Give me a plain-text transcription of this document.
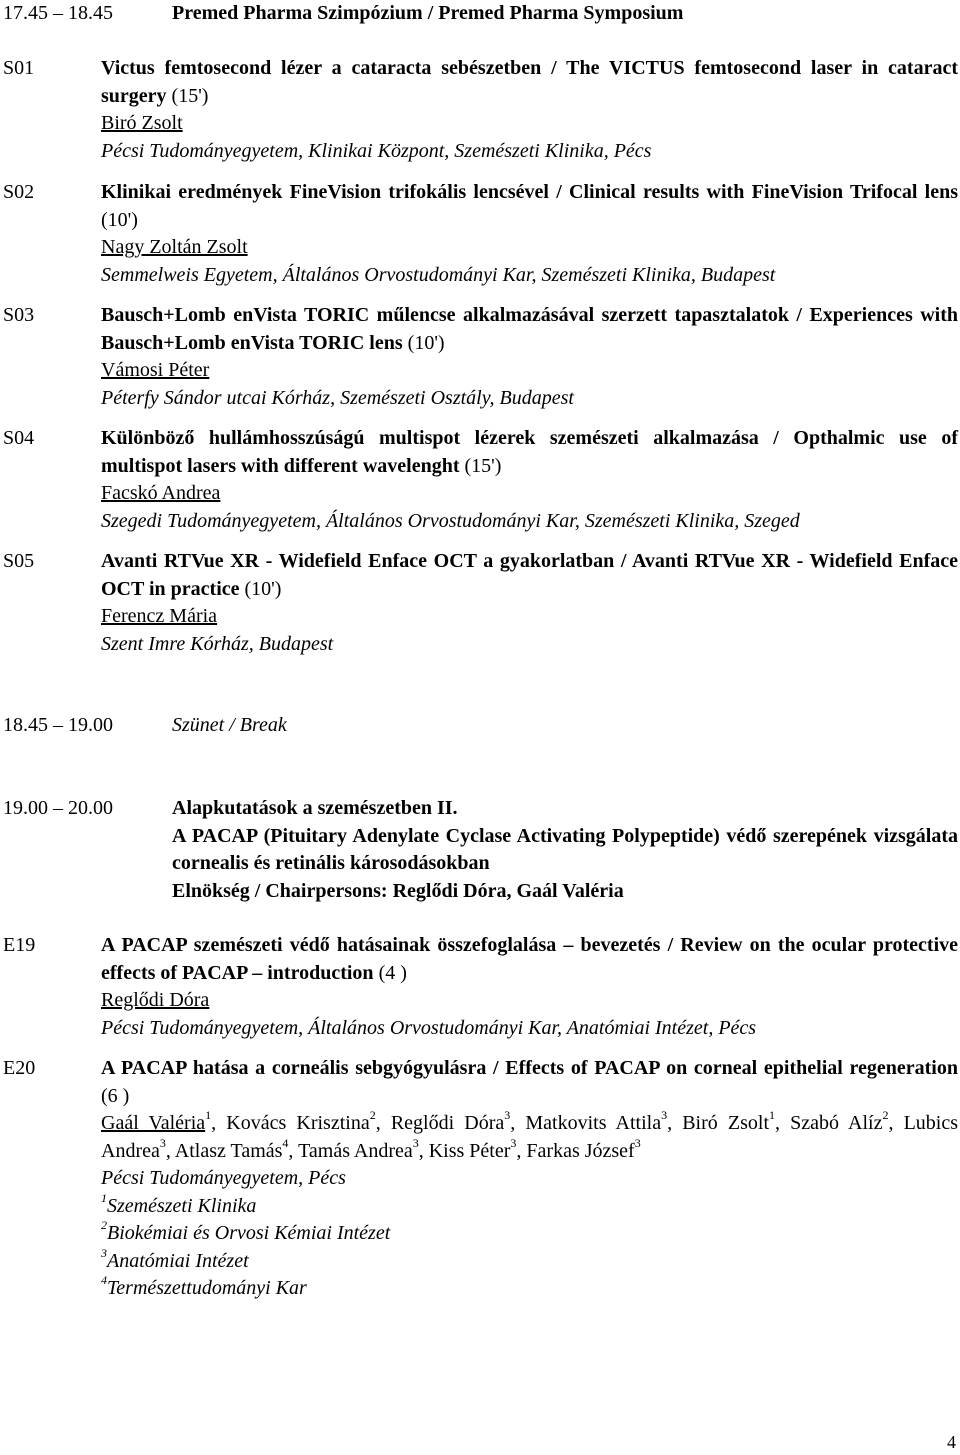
17.45 – 18.45	Premed Pharma Szimpózium / Premed Pharma Symposium
S01	Victus femtosecond lézer a cataracta sebészetben / The VICTUS femtosecond laser in cataract surgery (15')
Biró Zsolt
Pécsi Tudományegyetem, Klinikai Központ, Szemészeti Klinika, Pécs
S02	Klinikai eredmények FineVision trifokális lencsével / Clinical results with FineVision Trifocal lens (10')
Nagy Zoltán Zsolt
Semmelweis Egyetem, Általános Orvostudományi Kar, Szemészeti Klinika, Budapest
S03	Bausch+Lomb enVista TORIC műlencse alkalmazásával szerzett tapasztalatok / Experiences with Bausch+Lomb enVista TORIC lens (10')
Vámosi Péter
Péterfy Sándor utcai Kórház, Szemészeti Osztály, Budapest
S04	Különböző hullámhosszúságú multispot lézerek szemészeti alkalmazása / Opthalmic use of multispot lasers with different wavelenght (15')
Facskó Andrea
Szegedi Tudományegyetem, Általános Orvostudományi Kar, Szemészeti Klinika, Szeged
S05	Avanti RTVue XR - Widefield Enface OCT a gyakorlatban / Avanti RTVue XR - Widefield Enface OCT in practice (10')
Ferencz Mária
Szent Imre Kórház, Budapest
18.45 – 19.00	Szünet / Break
19.00 – 20.00	Alapkutatások a szemészetben II.
A PACAP (Pituitary Adenylate Cyclase Activating Polypeptide) védő szerepének vizsgálata cornealis és retinális károsodásokban
Elnökség / Chairpersons: Reglődi Dóra, Gaál Valéria
E19	A PACAP szemészeti védő hatásainak összefoglalása – bevezetés / Review on the ocular protective effects of PACAP – introduction (4 )
Reglődi Dóra
Pécsi Tudományegyetem, Általános Orvostudományi Kar, Anatómiai Intézet, Pécs
E20	A PACAP hatása a corneális sebgyógyulásra / Effects of PACAP on corneal epithelial regeneration (6 )
Gaál Valéria$^1$, Kovács Krisztina$^2$, Reglődi Dóra$^3$, Matkovits Attila$^3$, Biró Zsolt$^1$, Szabó Alíz$^2$, Lubics Andrea$^3$, Atlasz Tamás$^4$, Tamás Andrea$^3$, Kiss Péter$^3$, Farkas József$^3$
Pécsi Tudományegyetem, Pécs
$^1$Szemészeti Klinika
$^2$Biokémiai és Orvosi Kémiai Intézet
$^3$Anatómiai Intézet
$^4$Természettudományi Kar
4
